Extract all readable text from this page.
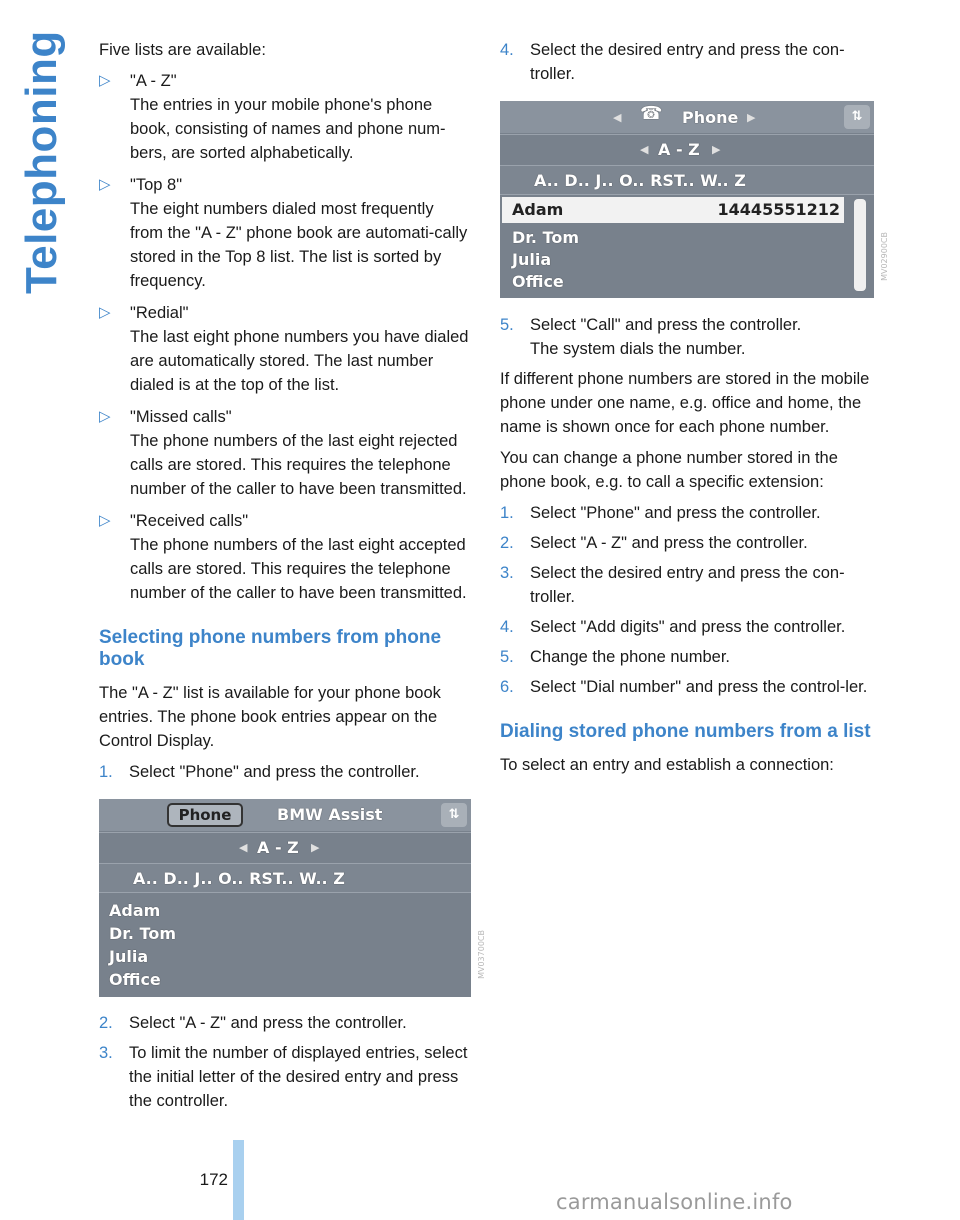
Telephoning Five lists are available:

▷	"A - Z"
The entries in your mobile phone's phone book, consisting of names and phone num-bers, are sorted alphabetically.
▷	"Top 8"
The eight numbers dialed most frequently from the "A - Z" phone book are automati-cally stored in the Top 8 list. The list is sorted by frequency.
▷	"Redial"
The last eight phone numbers you have dialed are automatically stored. The last number dialed is at the top of the list.
▷	"Missed calls"
The phone numbers of the last eight rejected calls are stored. This requires the telephone number of the caller to have been transmitted.
▷	"Received calls"
The phone numbers of the last eight accepted calls are stored. This requires the telephone number of the caller to have been transmitted.
Selecting phone numbers from phone book

The "A - Z" list is available for your phone book entries. The phone book entries appear on the Control Display.

1. Select "Phone" and press the controller.
Phone	BMW Assist	⇅
◀ A - Z ▶
A.. D.. J.. O.. RST.. W.. Z
Adam
Dr. Tom
Julia
Office
MV03700CB
2. Select "A - Z" and press the controller.
3. To limit the number of displayed entries, select the initial letter of the desired entry and press the controller.
4. Select the desired entry and press the con-troller.
◀ ☎ Phone ▶	⇅
◀ A - Z ▶
A.. D.. J.. O.. RST.. W.. Z
Adam	14445551212
Dr. Tom
Julia
Office
MV02900CB
5. Select "Call" and press the controller.
The system dials the number.

If different phone numbers are stored in the mobile phone under one name, e.g. office and home, the name is shown once for each phone number.

You can change a phone number stored in the phone book, e.g. to call a specific extension:

1. Select "Phone" and press the controller.
2. Select "A - Z" and press the controller.
3. Select the desired entry and press the con-troller.
4. Select "Add digits" and press the controller.
5. Change the phone number.
6. Select "Dial number" and press the control-ler.
Dialing stored phone numbers from a list

To select an entry and establish a connection:

172
carmanualsonline.info
